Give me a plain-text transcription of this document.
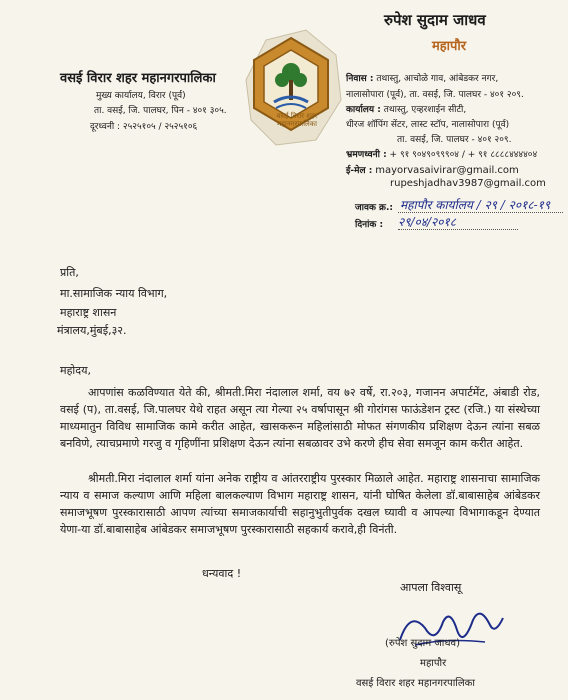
वसई विरार शहर महानगरपालिका
मुख्य कार्यालय, विरार (पूर्व)
ता. वसई, जि. पालघर, पिन - ४०१ ३०५.
दूरध्वनी : २५२५१०५ / २५२५१०६
वसई विरार शहर महानगरपालिका
रुपेश सुदाम जाधव
महापौर
निवास : तथास्तु, आचोळे गाव, आंबेडकर नगर,
नालासोपारा (पूर्व), ता. वसई, जि. पालघर - ४०१ २०९.
कार्यालय : तथास्तु, एव्हरशाईन सीटी,
धीरज शॉपिंग सेंटर, लास्ट स्टॉप, नालासोपारा (पूर्व)
ता. वसई, जि. पालघर - ४०१ २०९.
भ्रमणध्वनी : + ९१ ९०४९०९९९०४ / + ९१ ८८८८४४४४०४
ई-मेल : mayorvasaivirar@gmail.com
rupeshjadhav3987@gmail.com
जावक क्र.: महापौर कार्यालय / २९ / २०१८-१९
दिनांक : २९/०४/२०१८
प्रति,
मा.सामाजिक न्याय विभाग,
महाराष्ट्र शासन
मंत्रालय,मुंबई,३२.
महोदय,
आपणांस कळविण्यात येते की, श्रीमती.मिरा नंदालाल शर्मा, वय ७२ वर्षे, रा.२०३, गजानन अपार्टमेंट, अंबाडी रोड, वसई (प), ता.वसई, जि.पालघर येथे राहत असून त्या गेल्या २५ वर्षापासून श्री गोरांगस फाऊंडेशन ट्रस्ट (रजि.) या संस्थेच्या माध्यमातुन विविध सामाजिक कामे करीत आहेत, खासकरून महिलांसाठी मोफत संगणकीय प्रशिक्षण देऊन त्यांना सबळ बनविणे, त्याचप्रमाणे गरजु व गृहिणींना प्रशिक्षण देऊन त्यांना सबळावर उभे करणे हीच सेवा समजून काम करीत आहेत.
श्रीमती.मिरा नंदालाल शर्मा यांना अनेक राष्ट्रीय व आंतरराष्ट्रीय पुरस्कार मिळाले आहेत. महाराष्ट्र शासनाचा सामाजिक न्याय व समाज कल्याण आणि महिला बालकल्याण विभाग महाराष्ट्र शासन, यांनी घोषित केलेला डॉ.बाबासाहेब आंबेडकर समाजभूषण पुरस्कारासाठी आपण त्यांच्या समाजकार्याची सहानुभुतीपुर्वक दखल घ्यावी व आपल्या विभागाकडून देण्यात येणा-या डॉ.बाबासाहेब आंबेडकर समाजभूषण पुरस्कारासाठी सहकार्य करावे,ही विनंती.
धन्यवाद !
आपला विश्वासू
(रुपेश सुदाम जाधव)
महापौर
वसई विरार शहर महानगरपालिका
